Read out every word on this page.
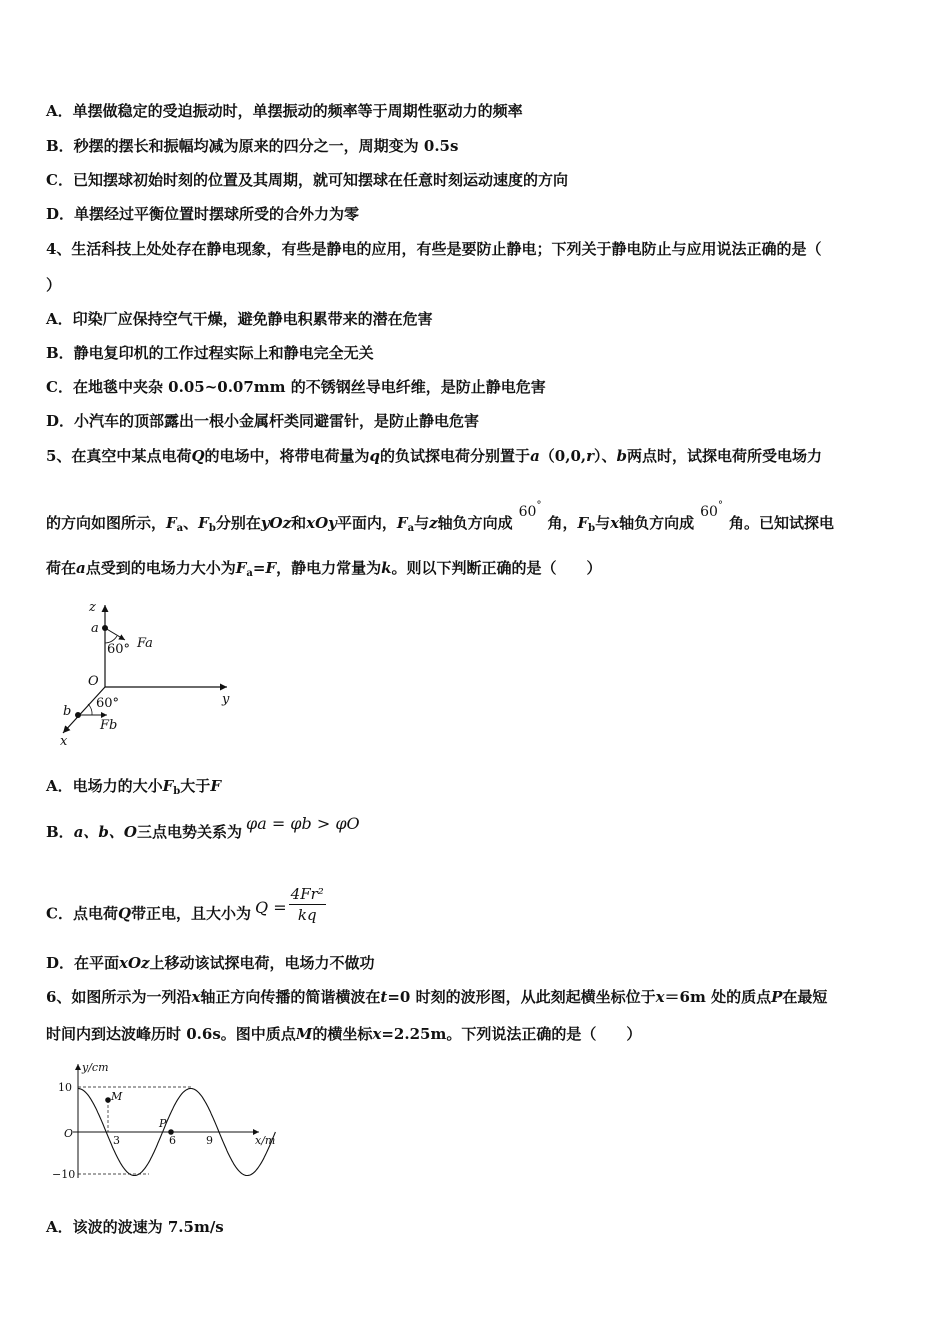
A．单摆做稳定的受迫振动时，单摆振动的频率等于周期性驱动力的频率
B．秒摆的摆长和振幅均减为原来的四分之一，周期变为 0.5s
C．已知摆球初始时刻的位置及其周期，就可知摆球在任意时刻运动速度的方向
D．单摆经过平衡位置时摆球所受的合外力为零
4、生活科技上处处存在静电现象，有些是静电的应用，有些是要防止静电；下列关于静电防止与应用说法正确的是（
）
A．印染厂应保持空气干燥，避免静电积累带来的潜在危害
B．静电复印机的工作过程实际上和静电完全无关
C．在地毯中夹杂 0.05~0.07mm 的不锈钢丝导电纤维，是防止静电危害
D．小汽车的顶部露出一根小金属杆类同避雷针，是防止静电危害
5、在真空中某点电荷Q的电场中，将带电荷量为q的负试探电荷分别置于a（0,0,r）、b两点时，试探电荷所受电场力
的方向如图所示，$F_a$、$F_b$分别在yOz和xOy平面内，$F_a$与z轴负方向成60°角，$F_b$与x轴负方向成60°角。已知试探电
荷在a点受到的电场力大小为$F_a=F$，静电力常量为k。则以下判断正确的是（　　）
z
a
60° Fa
O
y
60°
b
Fb
x
A．电场力的大小$F_b$大于F
B．a、b、O三点电势关系为 φa = φb > φO
C．点电荷Q带正电，且大小为 $Q = \frac{\text{4Fr²}}{kq}$
D．在平面xOz上移动该试探电荷，电场力不做功
6、如图所示为一列沿x轴正方向传播的简谐横波在t=0 时刻的波形图，从此刻起横坐标位于x＝6m 处的质点P在最短
时间内到达波峰历时 0.6s。图中质点M的横坐标x=2.25m。下列说法正确的是（　　）
y/cm
10
O
−10
3	6	9	x/m
M
P
A．该波的波速为 7.5m/s
